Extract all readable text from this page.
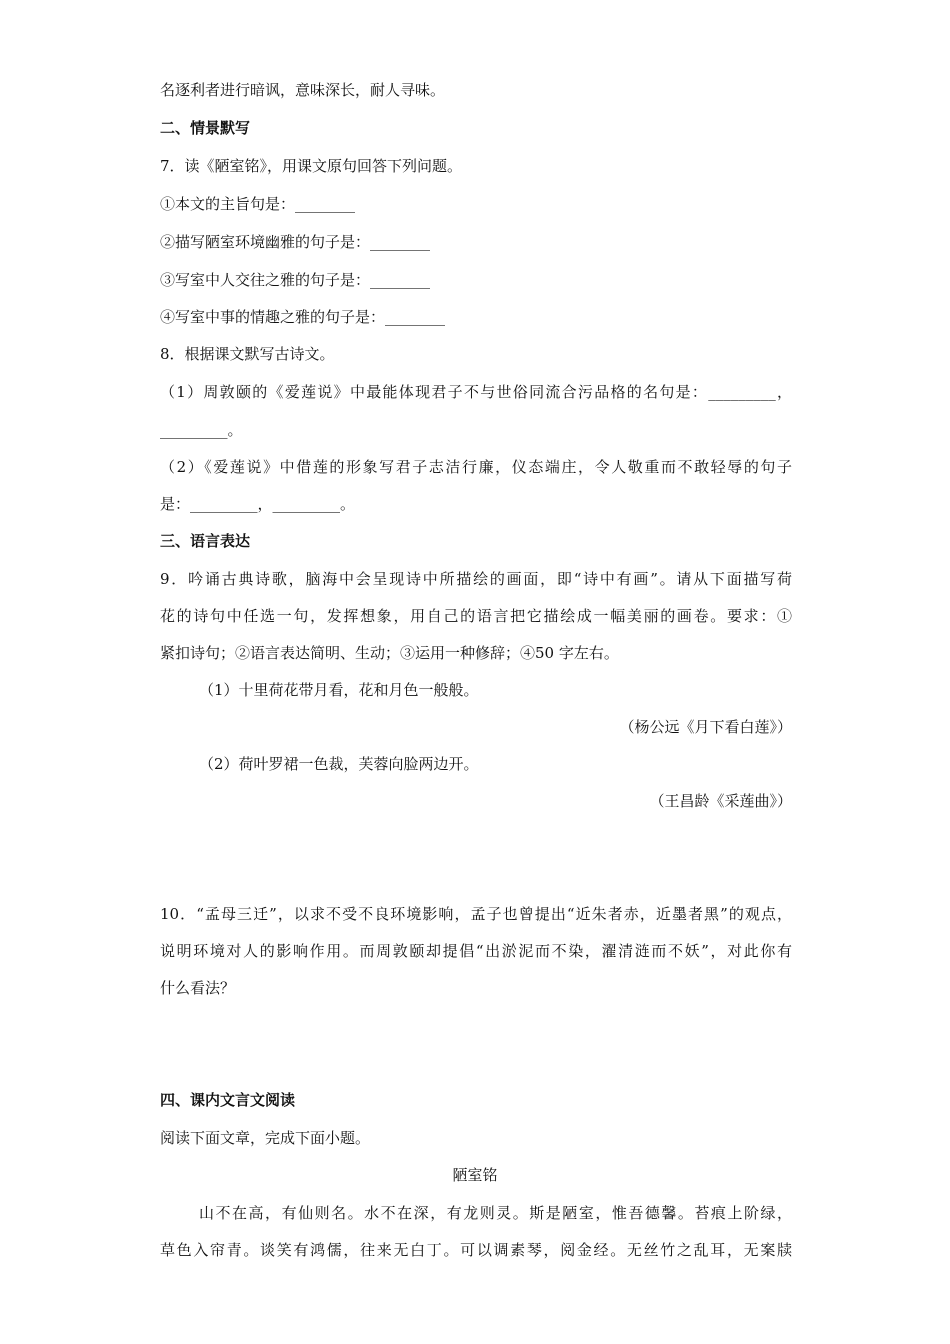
名逐利者进行暗讽，意味深长，耐人寻味。
二、情景默写
7．读《陋室铭》，用课文原句回答下列问题。
①本文的主旨句是：________
②描写陋室环境幽雅的句子是：________
③写室中人交往之雅的句子是：________
④写室中事的情趣之雅的句子是：________
8．根据课文默写古诗文。
（1）周敦颐的《爱莲说》中最能体现君子不与世俗同流合污品格的名句是：_________，
_________。
（2）《爱莲说》中借莲的形象写君子志洁行廉，仪态端庄，令人敬重而不敢轻辱的句子
是：_________，_________。
三、语言表达
9．吟诵古典诗歌，脑海中会呈现诗中所描绘的画面，即“诗中有画”。请从下面描写荷
花的诗句中任选一句，发挥想象，用自己的语言把它描绘成一幅美丽的画卷。要求：①
紧扣诗句；②语言表达简明、生动；③运用一种修辞；④50 字左右。
（1）十里荷花带月看，花和月色一般般。
（杨公远《月下看白莲》）
（2）荷叶罗裙一色裁，芙蓉向脸两边开。
（王昌龄《采莲曲》）
10．“孟母三迁”，以求不受不良环境影响，孟子也曾提出“近朱者赤，近墨者黑”的观点，
说明环境对人的影响作用。而周敦颐却提倡“出淤泥而不染，濯清涟而不妖”，对此你有
什么看法？
四、课内文言文阅读
阅读下面文章，完成下面小题。
陋室铭
山不在高，有仙则名。水不在深，有龙则灵。斯是陋室，惟吾德馨。苔痕上阶绿，
草色入帘青。谈笑有鸿儒，往来无白丁。可以调素琴，阅金经。无丝竹之乱耳，无案牍
